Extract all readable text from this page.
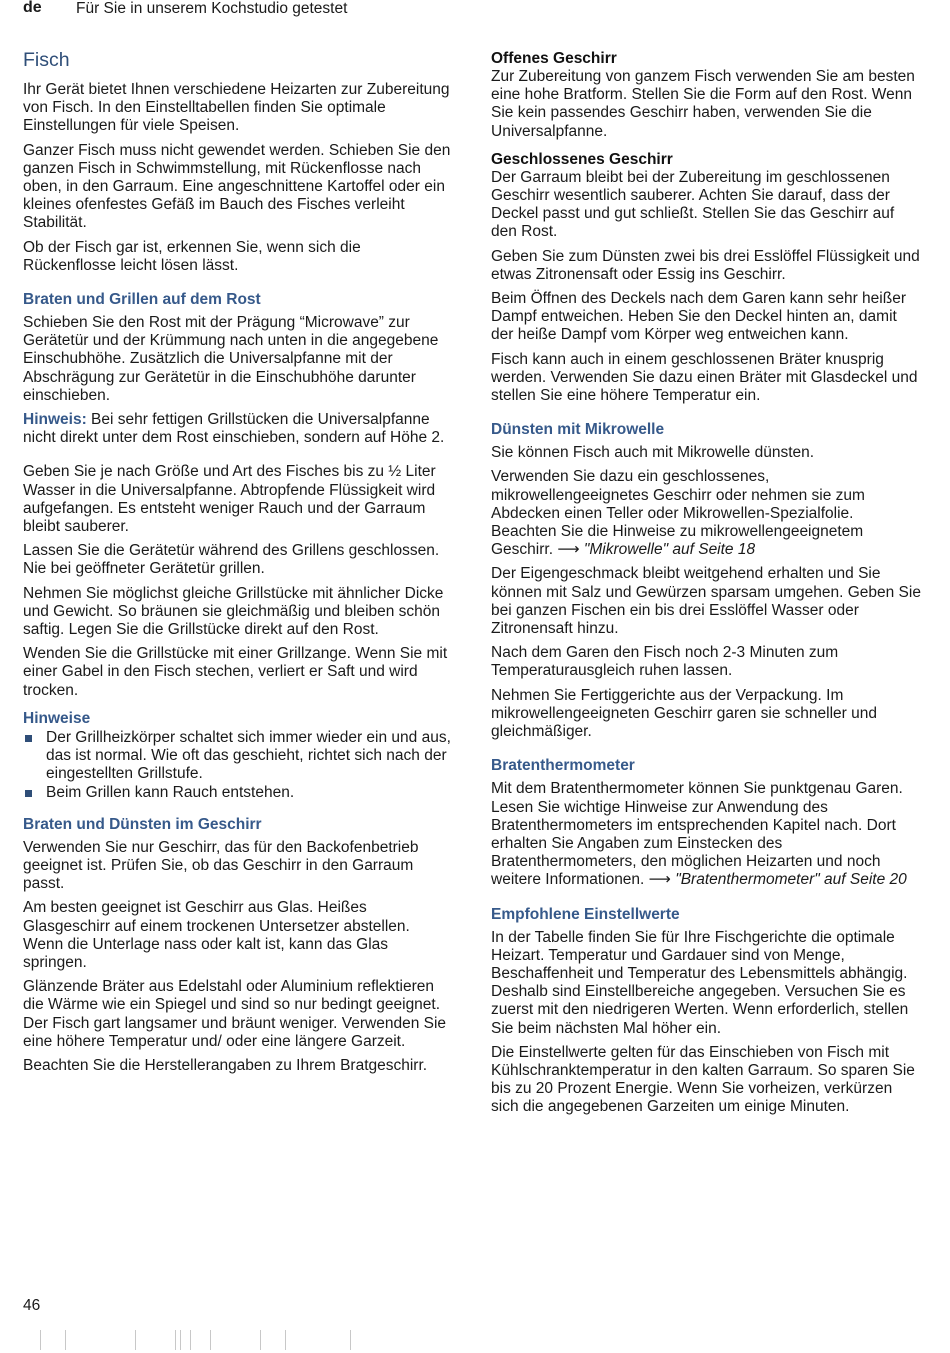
de Für Sie in unserem Kochstudio getestet
Fisch

Ihr Gerät bietet Ihnen verschiedene Heizarten zur Zubereitung von Fisch. In den Einstelltabellen finden Sie optimale Einstellungen für viele Speisen.

Ganzer Fisch muss nicht gewendet werden. Schieben Sie den ganzen Fisch in Schwimmstellung, mit Rückenflosse nach oben, in den Garraum. Eine angeschnittene Kartoffel oder ein kleines ofenfestes Gefäß im Bauch des Fisches verleiht Stabilität.

Ob der Fisch gar ist, erkennen Sie, wenn sich die Rückenflosse leicht lösen lässt.

Braten und Grillen auf dem Rost

Schieben Sie den Rost mit der Prägung “Microwave” zur Gerätetür und der Krümmung nach unten in die angegebene Einschubhöhe. Zusätzlich die Universalpfanne mit der Abschrägung zur Gerätetür in die Einschubhöhe darunter einschieben.

Hinweis: Bei sehr fettigen Grillstücken die Universalpfanne nicht direkt unter dem Rost einschieben, sondern auf Höhe 2.

Geben Sie je nach Größe und Art des Fisches bis zu ½ Liter Wasser in die Universalpfanne. Abtropfende Flüssigkeit wird aufgefangen. Es entsteht weniger Rauch und der Garraum bleibt sauberer.

Lassen Sie die Gerätetür während des Grillens geschlossen. Nie bei geöffneter Gerätetür grillen.

Nehmen Sie möglichst gleiche Grillstücke mit ähnlicher Dicke und Gewicht. So bräunen sie gleichmäßig und bleiben schön saftig. Legen Sie die Grillstücke direkt auf den Rost.

Wenden Sie die Grillstücke mit einer Grillzange. Wenn Sie mit einer Gabel in den Fisch stechen, verliert er Saft und wird trocken.

Hinweise
Der Grillheizkörper schaltet sich immer wieder ein und aus, das ist normal. Wie oft das geschieht, richtet sich nach der eingestellten Grillstufe.
Beim Grillen kann Rauch entstehen.
Braten und Dünsten im Geschirr

Verwenden Sie nur Geschirr, das für den Backofenbetrieb geeignet ist. Prüfen Sie, ob das Geschirr in den Garraum passt.

Am besten geeignet ist Geschirr aus Glas. Heißes Glasgeschirr auf einem trockenen Untersetzer abstellen. Wenn die Unterlage nass oder kalt ist, kann das Glas springen.

Glänzende Bräter aus Edelstahl oder Aluminium reflektieren die Wärme wie ein Spiegel und sind so nur bedingt geeignet. Der Fisch gart langsamer und bräunt weniger. Verwenden Sie eine höhere Temperatur und/ oder eine längere Garzeit.

Beachten Sie die Herstellerangaben zu Ihrem Bratgeschirr.

Offenes Geschirr

Zur Zubereitung von ganzem Fisch verwenden Sie am besten eine hohe Bratform. Stellen Sie die Form auf den Rost. Wenn Sie kein passendes Geschirr haben, verwenden Sie die Universalpfanne.

Geschlossenes Geschirr

Der Garraum bleibt bei der Zubereitung im geschlossenen Geschirr wesentlich sauberer. Achten Sie darauf, dass der Deckel passt und gut schließt. Stellen Sie das Geschirr auf den Rost.

Geben Sie zum Dünsten zwei bis drei Esslöffel Flüssigkeit und etwas Zitronensaft oder Essig ins Geschirr.

Beim Öffnen des Deckels nach dem Garen kann sehr heißer Dampf entweichen. Heben Sie den Deckel hinten an, damit der heiße Dampf vom Körper weg entweichen kann.

Fisch kann auch in einem geschlossenen Bräter knusprig werden. Verwenden Sie dazu einen Bräter mit Glasdeckel und stellen Sie eine höhere Temperatur ein.

Dünsten mit Mikrowelle

Sie können Fisch auch mit Mikrowelle dünsten.

Verwenden Sie dazu ein geschlossenes, mikrowellengeeignetes Geschirr oder nehmen sie zum Abdecken einen Teller oder Mikrowellen-Spezialfolie. Beachten Sie die Hinweise zu mikrowellengeeignetem Geschirr. ⟶ "Mikrowelle" auf Seite 18

Der Eigengeschmack bleibt weitgehend erhalten und Sie können mit Salz und Gewürzen sparsam umgehen. Geben Sie bei ganzen Fischen ein bis drei Esslöffel Wasser oder Zitronensaft hinzu.

Nach dem Garen den Fisch noch 2-3 Minuten zum Temperaturausgleich ruhen lassen.

Nehmen Sie Fertiggerichte aus der Verpackung. Im mikrowellengeeigneten Geschirr garen sie schneller und gleichmäßiger.

Bratenthermometer

Mit dem Bratenthermometer können Sie punktgenau Garen. Lesen Sie wichtige Hinweise zur Anwendung des Bratenthermometers im entsprechenden Kapitel nach. Dort erhalten Sie Angaben zum Einstecken des Bratenthermometers, den möglichen Heizarten und noch weitere Informationen. ⟶ "Bratenthermometer" auf Seite 20

Empfohlene Einstellwerte

In der Tabelle finden Sie für Ihre Fischgerichte die optimale Heizart. Temperatur und Gardauer sind von Menge, Beschaffenheit und Temperatur des Lebensmittels abhängig. Deshalb sind Einstellbereiche angegeben. Versuchen Sie es zuerst mit den niedrigeren Werten. Wenn erforderlich, stellen Sie beim nächsten Mal höher ein.

Die Einstellwerte gelten für das Einschieben von Fisch mit Kühlschranktemperatur in den kalten Garraum. So sparen Sie bis zu 20 Prozent Energie. Wenn Sie vorheizen, verkürzen sich die angegebenen Garzeiten um einige Minuten.

46
